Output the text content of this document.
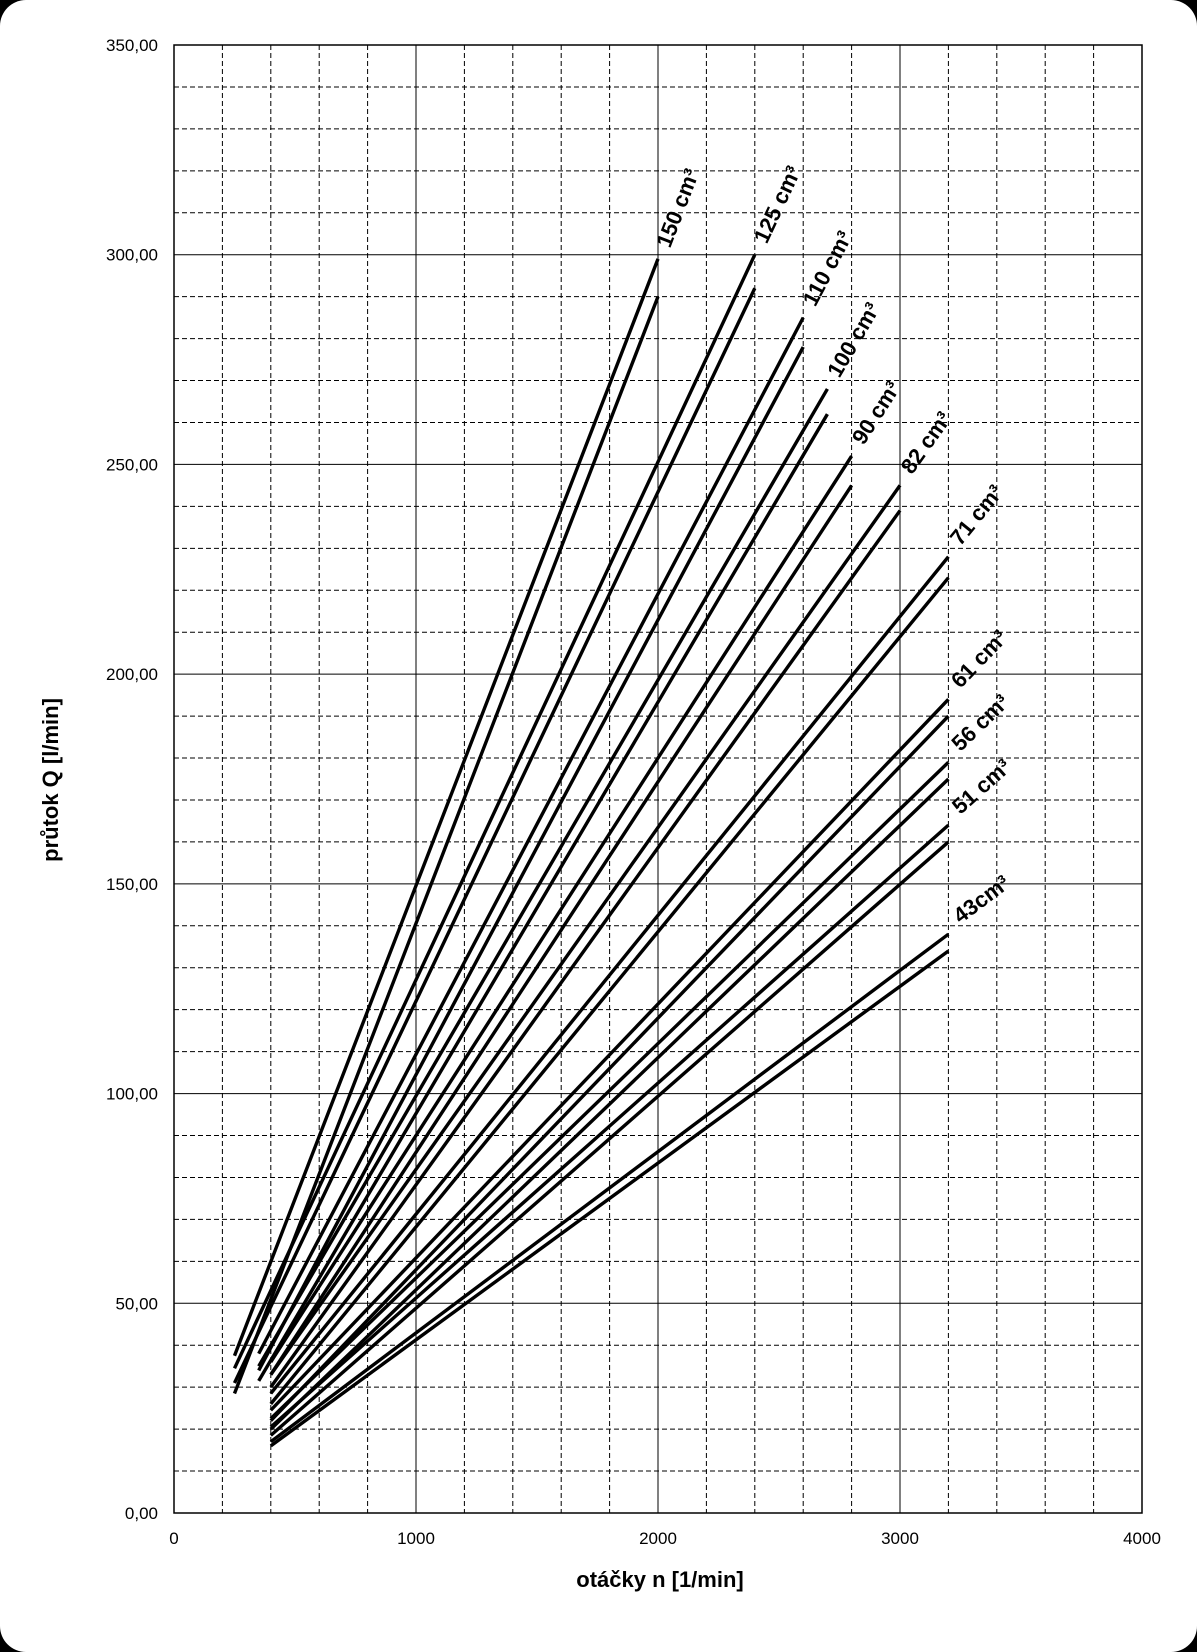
0	1000	2000	3000	4000
0,00
50,00
100,00
150,00
200,00
250,00
300,00
350,00
150 cm³ 125 cm³
110 cm³
100 cm³
90 cm³
82 cm³
71 cm³
61 cm³
56 cm³
51 cm³
43cm³
otáčky n [1/min]
průtok Q [l/min]
